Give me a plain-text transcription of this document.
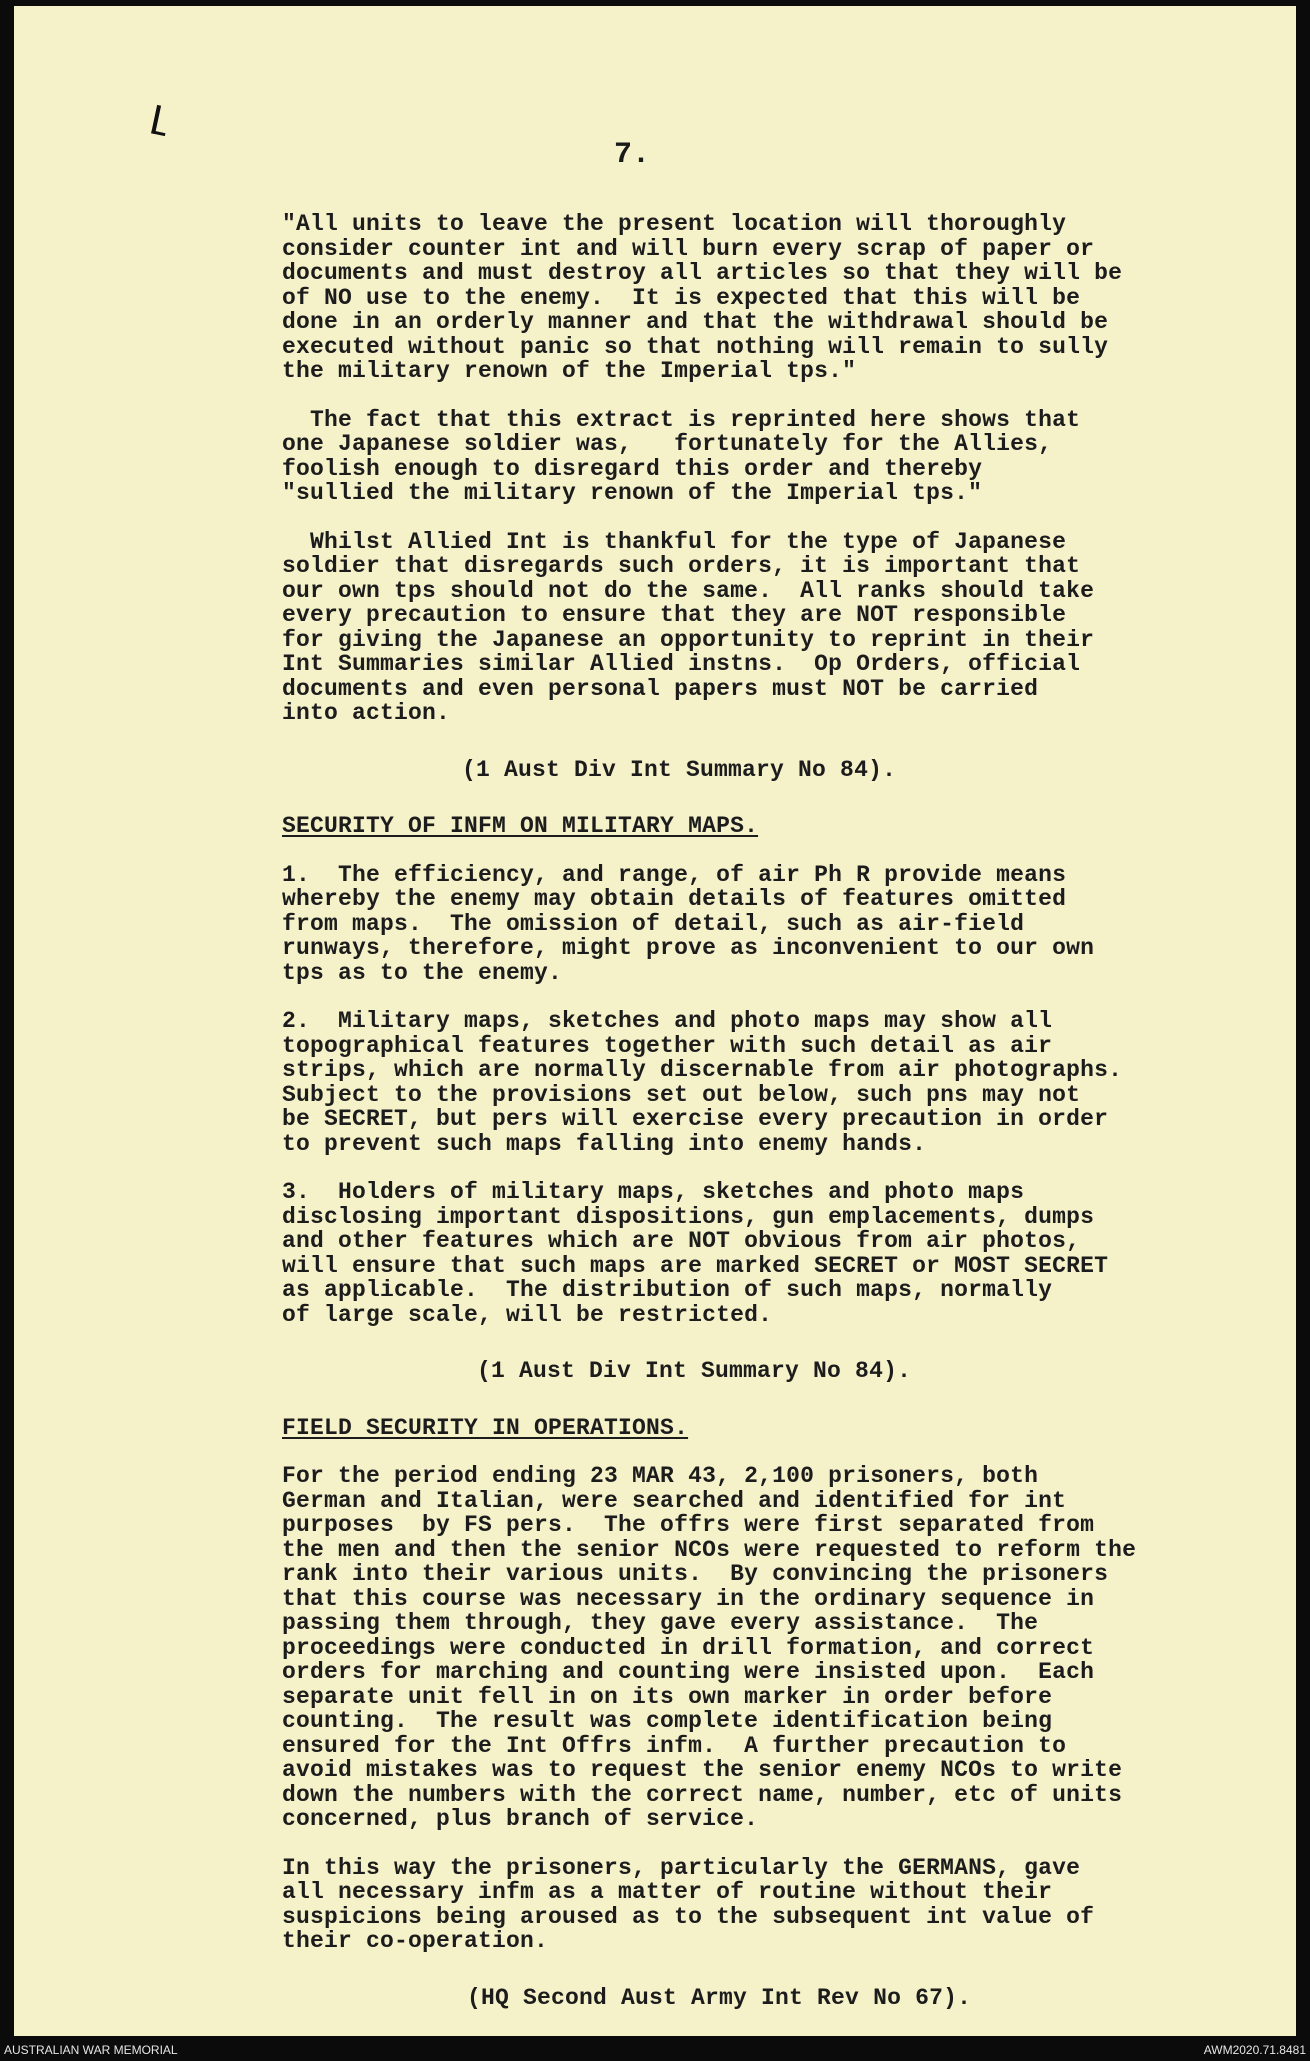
7.

"All units to leave the present location will thoroughly
consider counter int and will burn every scrap of paper or
documents and must destroy all articles so that they will be
of NO use to the enemy.  It is expected that this will be
done in an orderly manner and that the withdrawal should be
executed without panic so that nothing will remain to sully
the military renown of the Imperial tps."

The fact that this extract is reprinted here shows that
one Japanese soldier was,   fortunately for the Allies,
foolish enough to disregard this order and thereby
"sullied the military renown of the Imperial tps."

Whilst Allied Int is thankful for the type of Japanese
soldier that disregards such orders, it is important that
our own tps should not do the same.  All ranks should take
every precaution to ensure that they are NOT responsible
for giving the Japanese an opportunity to reprint in their
Int Summaries similar Allied instns.  Op Orders, official
documents and even personal papers must NOT be carried
into action.

(1 Aust Div Int Summary No 84).

SECURITY OF INFM ON MILITARY MAPS.

1.  The efficiency, and range, of air Ph R provide means
whereby the enemy may obtain details of features omitted
from maps.  The omission of detail, such as air-field
runways, therefore, might prove as inconvenient to our own
tps as to the enemy.

2.  Military maps, sketches and photo maps may show all
topographical features together with such detail as air
strips, which are normally discernable from air photographs.
Subject to the provisions set out below, such pns may not
be SECRET, but pers will exercise every precaution in order
to prevent such maps falling into enemy hands.

3.  Holders of military maps, sketches and photo maps
disclosing important dispositions, gun emplacements, dumps
and other features which are NOT obvious from air photos,
will ensure that such maps are marked SECRET or MOST SECRET
as applicable.  The distribution of such maps, normally
of large scale, will be restricted.

(1 Aust Div Int Summary No 84).

FIELD SECURITY IN OPERATIONS.

For the period ending 23 MAR 43, 2,100 prisoners, both
German and Italian, were searched and identified for int
purposes  by FS pers.  The offrs were first separated from
the men and then the senior NCOs were requested to reform the
rank into their various units.  By convincing the prisoners
that this course was necessary in the ordinary sequence in
passing them through, they gave every assistance.  The
proceedings were conducted in drill formation, and correct
orders for marching and counting were insisted upon.  Each
separate unit fell in on its own marker in order before
counting.  The result was complete identification being
ensured for the Int Offrs infm.  A further precaution to
avoid mistakes was to request the senior enemy NCOs to write
down the numbers with the correct name, number, etc of units
concerned, plus branch of service.

In this way the prisoners, particularly the GERMANS, gave
all necessary infm as a matter of routine without their
suspicions being aroused as to the subsequent int value of
their co-operation.

(HQ Second Aust Army Int Rev No 67).

AUSTRALIAN WAR MEMORIAL	AWM2020.71.8481
